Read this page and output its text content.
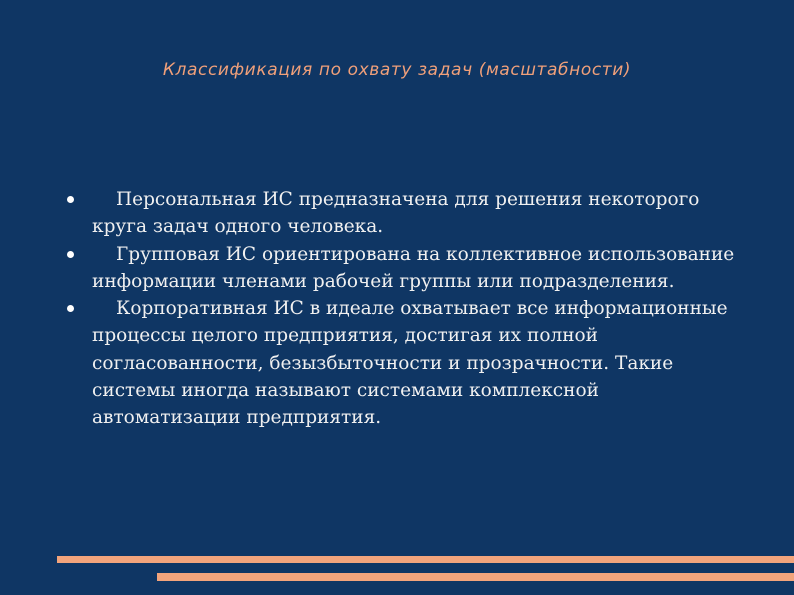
Классификация по охвату задач (масштабности)
Персональная ИС предназначена для решения некоторого круга задач одного человека.
Групповая ИС ориентирована на коллективное использование информации членами рабочей группы или подразделения.
Корпоративная ИС в идеале охватывает все информационные процессы целого предприятия, достигая их полной согласованности, безызбыточности и прозрачности. Такие системы иногда называют системами комплексной автоматизации предприятия.
